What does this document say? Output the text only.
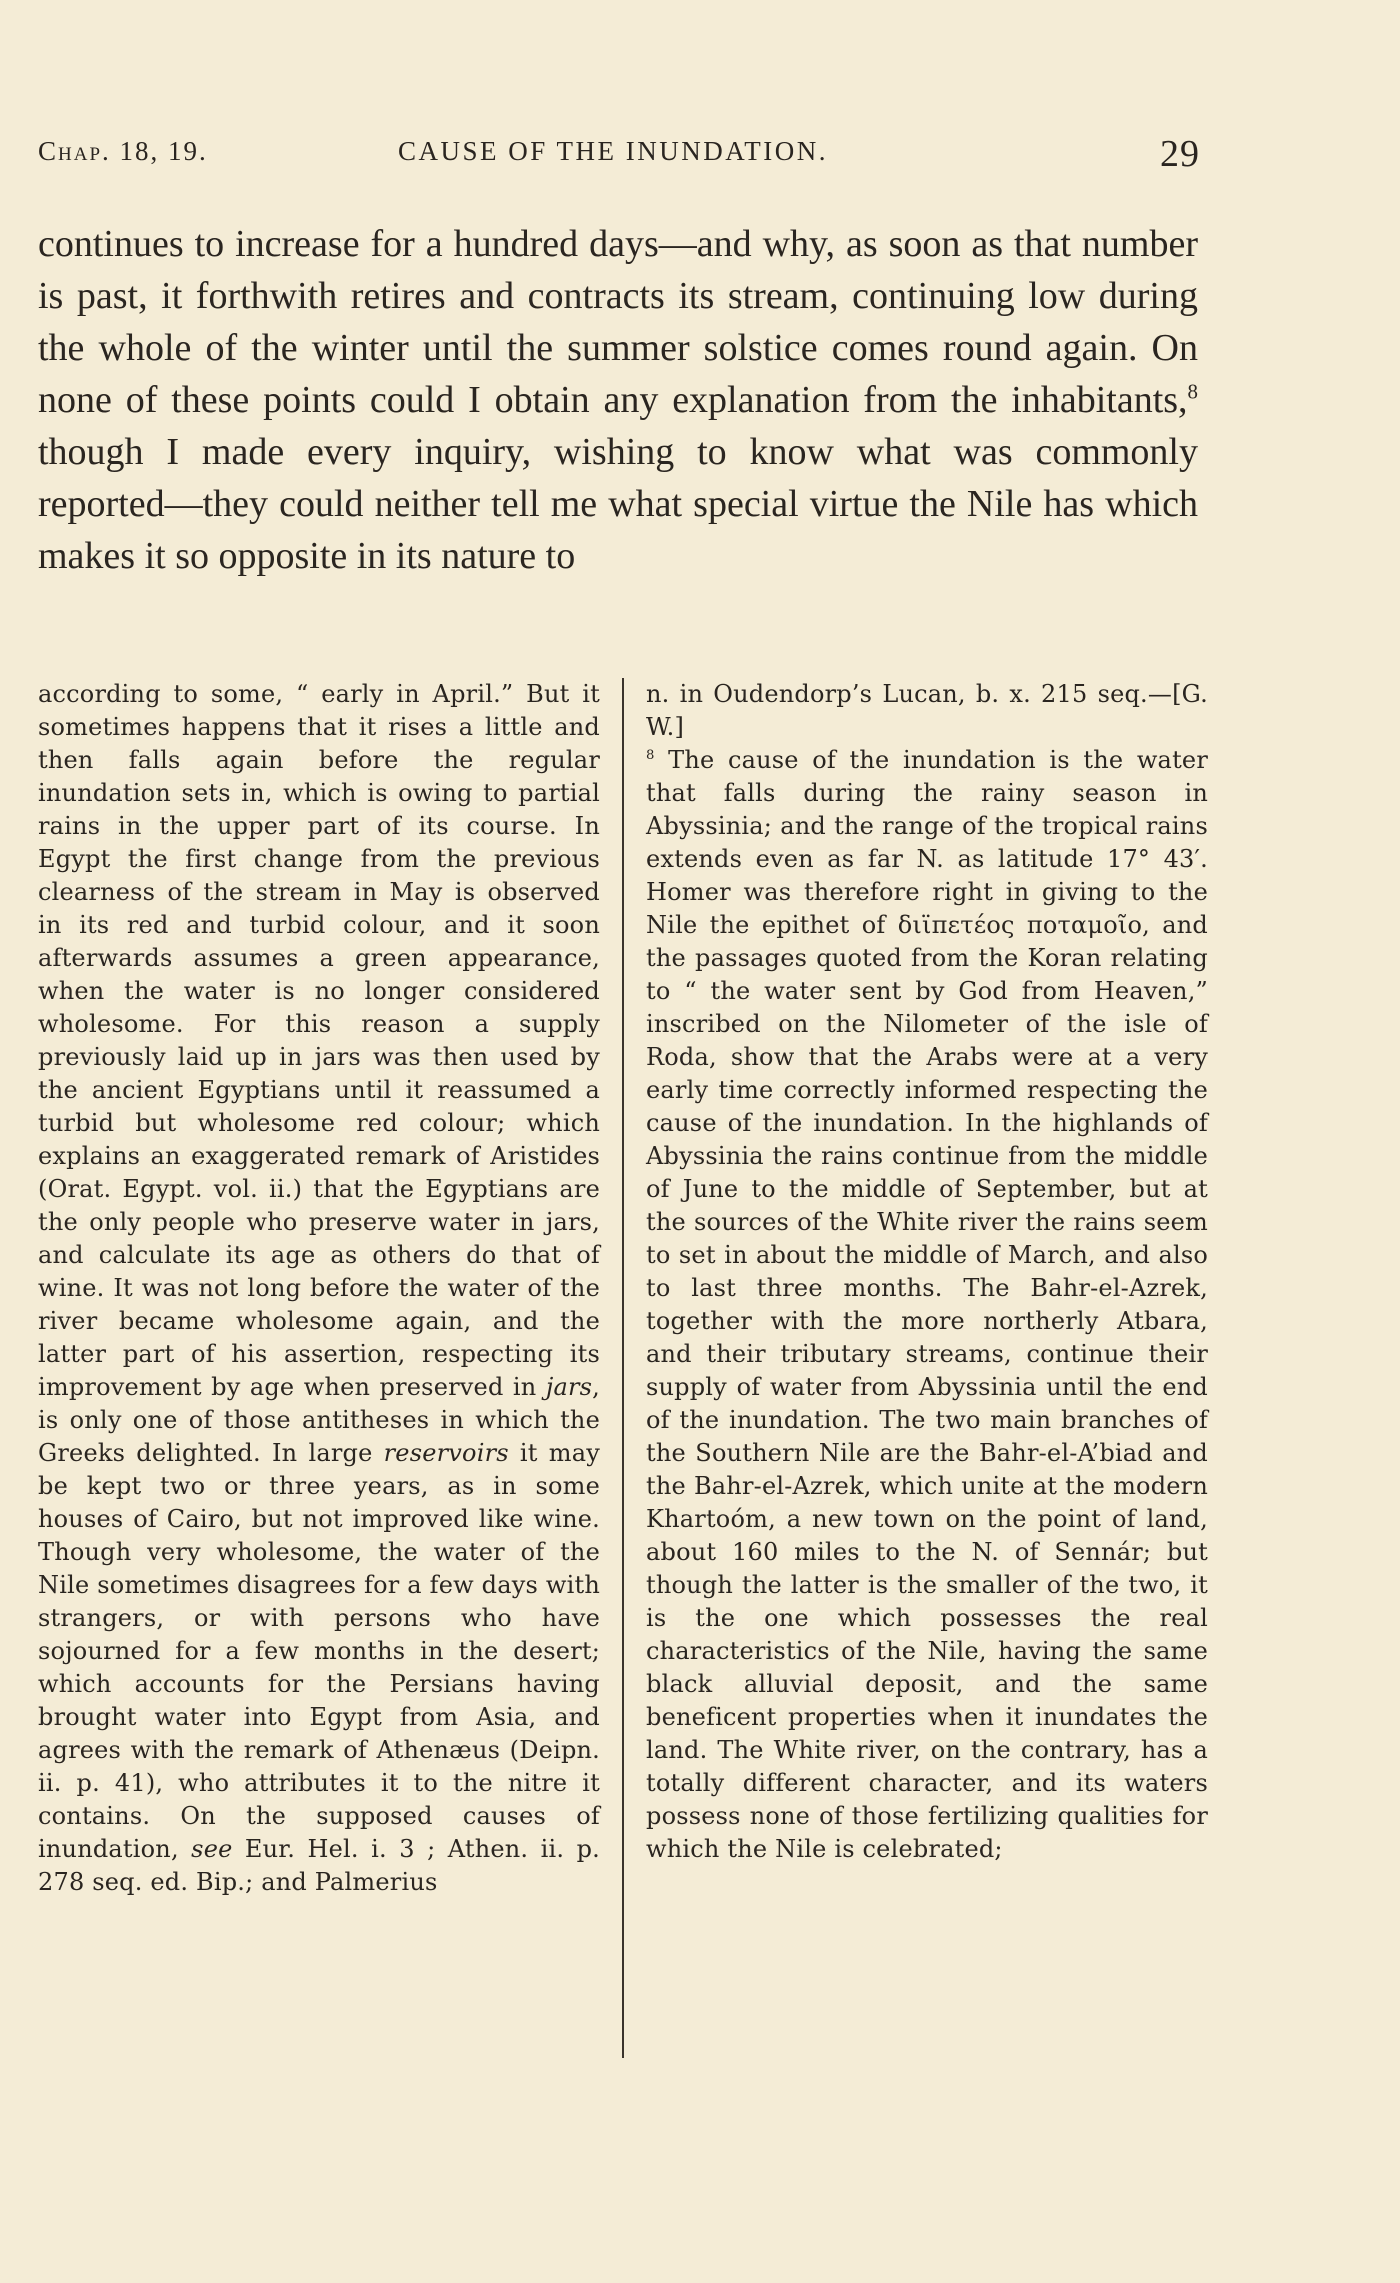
Chap. 18, 19.	CAUSE OF THE INUNDATION.	29

continues to increase for a hundred days—and why, as soon as that number is past, it forthwith retires and contracts its stream, continuing low during the whole of the winter until the summer solstice comes round again. On none of these points could I obtain any explanation from the inhabitants,$^8$ though I made every inquiry, wishing to know what was commonly reported—they could neither tell me what special virtue the Nile has which makes it so opposite in its nature to

according to some, “ early in April.” But it sometimes happens that it rises a little and then falls again before the regular inundation sets in, which is owing to partial rains in the upper part of its course. In Egypt the first change from the previous clearness of the stream in May is observed in its red and turbid colour, and it soon afterwards assumes a green appearance, when the water is no longer considered wholesome. For this reason a supply previously laid up in jars was then used by the ancient Egyptians until it reassumed a turbid but wholesome red colour; which explains an exaggerated remark of Aristides (Orat. Egypt. vol. ii.) that the Egyptians are the only people who preserve water in jars, and calculate its age as others do that of wine. It was not long before the water of the river became wholesome again, and the latter part of his assertion, respecting its improvement by age when preserved in jars, is only one of those antitheses in which the Greeks delighted. In large reservoirs it may be kept two or three years, as in some houses of Cairo, but not improved like wine. Though very wholesome, the water of the Nile sometimes disagrees for a few days with strangers, or with persons who have sojourned for a few months in the desert; which accounts for the Persians having brought water into Egypt from Asia, and agrees with the remark of Athenæus (Deipn. ii. p. 41), who attributes it to the nitre it contains. On the supposed causes of inundation, see Eur. Hel. i. 3 ; Athen. ii. p. 278 seq. ed. Bip.; and Palmerius

n. in Oudendorp’s Lucan, b. x. 215 seq.—[G. W.]

$^8$ The cause of the inundation is the water that falls during the rainy season in Abyssinia; and the range of the tropical rains extends even as far N. as latitude 17° 43′. Homer was therefore right in giving to the Nile the epithet of διϊπετέος ποταμοῖο, and the passages quoted from the Koran relating to “ the water sent by God from Heaven,” inscribed on the Nilometer of the isle of Roda, show that the Arabs were at a very early time correctly informed respecting the cause of the inundation. In the highlands of Abyssinia the rains continue from the middle of June to the middle of September, but at the sources of the White river the rains seem to set in about the middle of March, and also to last three months. The Bahr-el-Azrek, together with the more northerly Atbara, and their tributary streams, continue their supply of water from Abyssinia until the end of the inundation. The two main branches of the Southern Nile are the Bahr-el-A’biad and the Bahr-el-Azrek, which unite at the modern Khartoóm, a new town on the point of land, about 160 miles to the N. of Sennár; but though the latter is the smaller of the two, it is the one which possesses the real characteristics of the Nile, having the same black alluvial deposit, and the same beneficent properties when it inundates the land. The White river, on the contrary, has a totally different character, and its waters possess none of those fertilizing qualities for which the Nile is celebrated;
